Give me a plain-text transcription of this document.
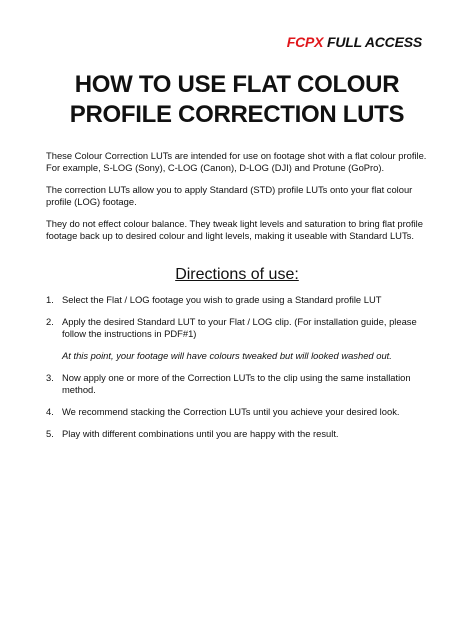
FCPX FULL ACCESS
HOW TO USE FLAT COLOUR
PROFILE CORRECTION LUTS

These Colour Correction LUTs are intended for use on footage shot with a flat colour profile. For example, S-LOG (Sony), C-LOG (Canon), D-LOG (DJI) and Protune (GoPro).

The correction LUTs allow you to apply Standard (STD) profile LUTs onto your flat colour profile (LOG) footage.

They do not effect colour balance. They tweak light levels and saturation to bring flat profile footage back up to desired colour and light levels, making it useable with Standard LUTs.

Directions of use:
1. Select the Flat / LOG footage you wish to grade using a Standard profile LUT
2. Apply the desired Standard LUT to your Flat / LOG clip. (For installation guide, please follow the instructions in PDF#1)
At this point, your footage will have colours tweaked but will looked washed out.
3. Now apply one or more of the Correction LUTs to the clip using the same installation method.
4. We recommend stacking the Correction LUTs until you achieve your desired look.
5. Play with different combinations until you are happy with the result.
